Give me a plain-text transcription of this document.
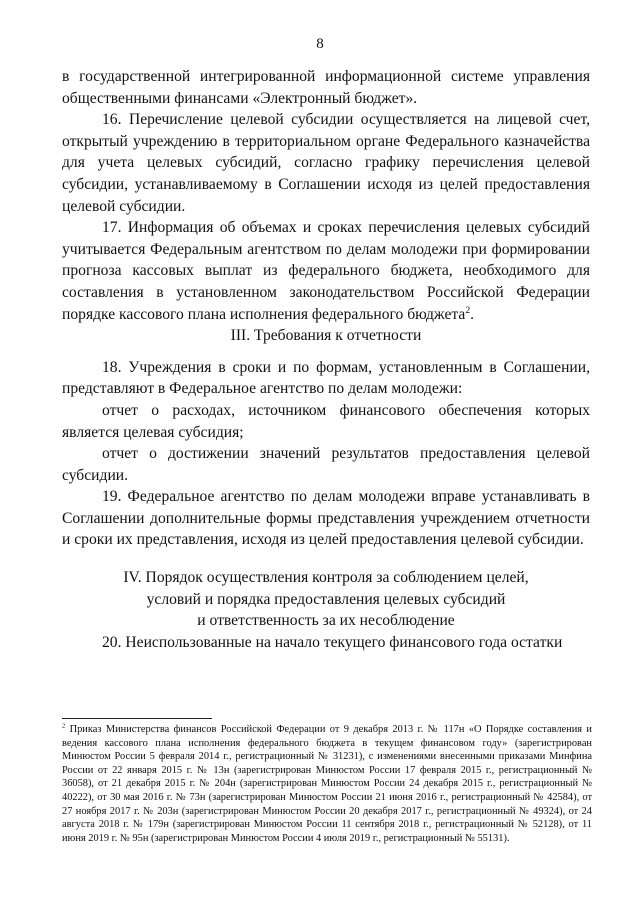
8

в государственной интегрированной информационной системе управления общественными финансами «Электронный бюджет».

16. Перечисление целевой субсидии осуществляется на лицевой счет, открытый учреждению в территориальном органе Федерального казначейства для учета целевых субсидий, согласно графику перечисления целевой субсидии, устанавливаемому в Соглашении исходя из целей предоставления целевой субсидии.

17. Информация об объемах и сроках перечисления целевых субсидий учитывается Федеральным агентством по делам молодежи при формировании прогноза кассовых выплат из федерального бюджета, необходимого для составления в установленном законодательством Российской Федерации порядке кассового плана исполнения федерального бюджета$^2$.

III. Требования к отчетности

18. Учреждения в сроки и по формам, установленным в Соглашении, представляют в Федеральное агентство по делам молодежи:

отчет о расходах, источником финансового обеспечения которых является целевая субсидия;

отчет о достижении значений результатов предоставления целевой субсидии.

19. Федеральное агентство по делам молодежи вправе устанавливать в Соглашении дополнительные формы представления учреждением отчетности и сроки их представления, исходя из целей предоставления целевой субсидии.

IV. Порядок осуществления контроля за соблюдением целей,

условий и порядка предоставления целевых субсидий

и ответственность за их несоблюдение

20. Неиспользованные на начало текущего финансового года остатки

$^2$ Приказ Министерства финансов Российской Федерации от 9 декабря 2013 г. № 117н «О Порядке составления и ведения кассового плана исполнения федерального бюджета в текущем финансовом году» (зарегистрирован Минюстом России 5 февраля 2014 г., регистрационный № 31231), с изменениями внесенными приказами Минфина России от 22 января 2015 г. № 13н (зарегистрирован Минюстом России 17 февраля 2015 г., регистрационный № 36058), от 21 декабря 2015 г. № 204н (зарегистрирован Минюстом России 24 декабря 2015 г., регистрационный № 40222), от 30 мая 2016 г. № 73н (зарегистрирован Минюстом России 21 июня 2016 г., регистрационный № 42584), от 27 ноября 2017 г. № 203н (зарегистрирован Минюстом России 20 декабря 2017 г., регистрационный № 49324), от 24 августа 2018 г. № 179н (зарегистрирован Минюстом России 11 сентября 2018 г., регистрационный № 52128), от 11 июня 2019 г. № 95н (зарегистрирован Минюстом России 4 июля 2019 г., регистрационный № 55131).
